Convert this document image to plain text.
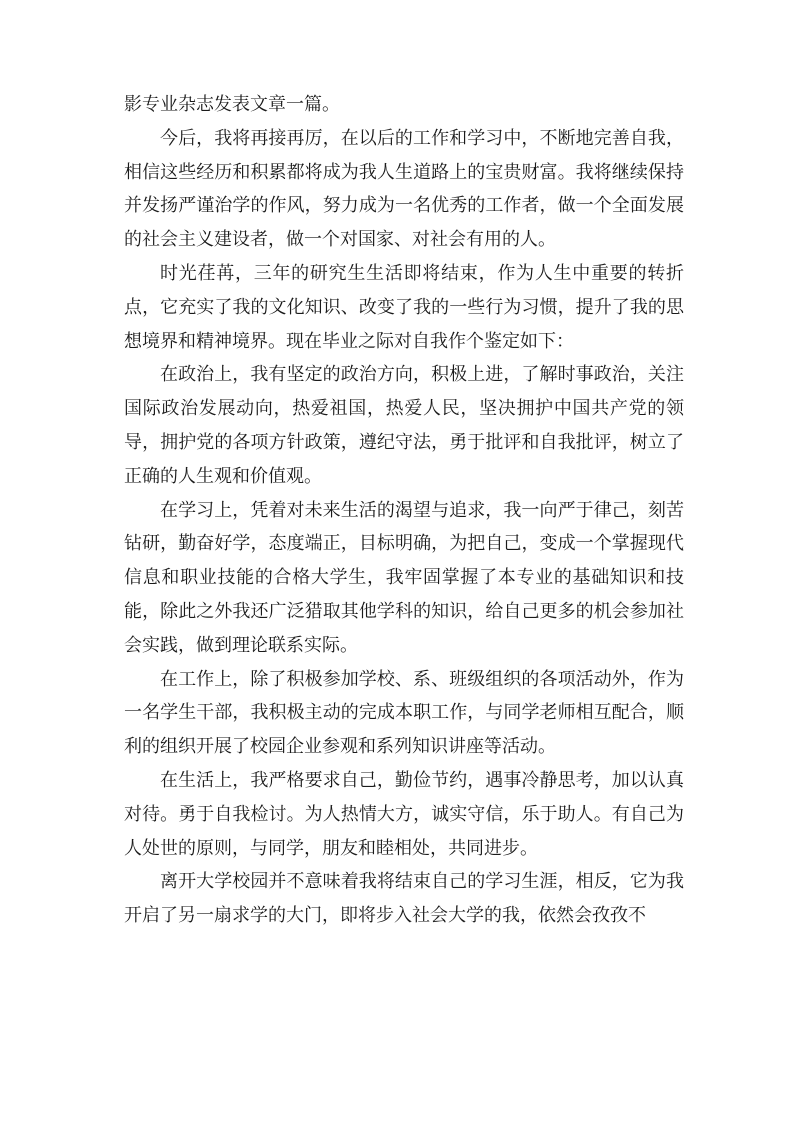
影专业杂志发表文章一篇。

今后，我将再接再厉，在以后的工作和学习中，不断地完善自我，相信这些经历和积累都将成为我人生道路上的宝贵财富。我将继续保持并发扬严谨治学的作风，努力成为一名优秀的工作者，做一个全面发展的社会主义建设者，做一个对国家、对社会有用的人。

时光荏苒，三年的研究生生活即将结束，作为人生中重要的转折点，它充实了我的文化知识、改变了我的一些行为习惯，提升了我的思想境界和精神境界。现在毕业之际对自我作个鉴定如下：

在政治上，我有坚定的政治方向，积极上进，了解时事政治，关注国际政治发展动向，热爱祖国，热爱人民，坚决拥护中国共产党的领导，拥护党的各项方针政策，遵纪守法，勇于批评和自我批评，树立了正确的人生观和价值观。

在学习上，凭着对未来生活的渴望与追求，我一向严于律己，刻苦钻研，勤奋好学，态度端正，目标明确，为把自己，变成一个掌握现代信息和职业技能的合格大学生，我牢固掌握了本专业的基础知识和技能，除此之外我还广泛猎取其他学科的知识，给自己更多的机会参加社会实践，做到理论联系实际。

在工作上，除了积极参加学校、系、班级组织的各项活动外，作为一名学生干部，我积极主动的完成本职工作，与同学老师相互配合，顺利的组织开展了校园企业参观和系列知识讲座等活动。

在生活上，我严格要求自己，勤俭节约，遇事冷静思考，加以认真对待。勇于自我检讨。为人热情大方，诚实守信，乐于助人。有自己为人处世的原则，与同学，朋友和睦相处，共同进步。

离开大学校园并不意味着我将结束自己的学习生涯，相反，它为我开启了另一扇求学的大门，即将步入社会大学的我，依然会孜孜不
